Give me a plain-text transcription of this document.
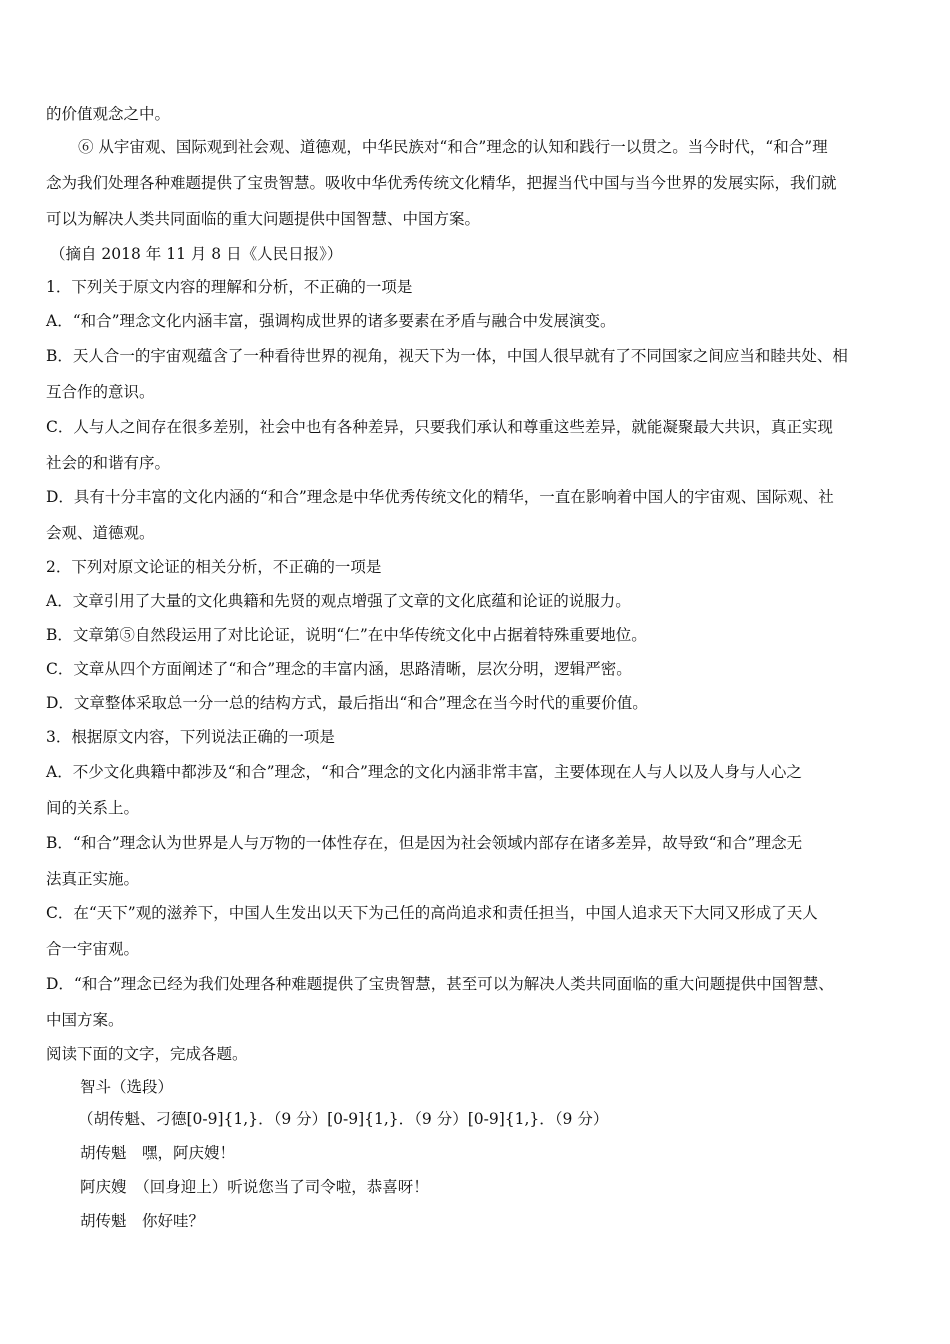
的价值观念之中。

⑥ 从宇宙观、国际观到社会观、道德观，中华民族对“和合”理念的认知和践行一以贯之。当今时代，“和合”理

念为我们处理各种难题提供了宝贵智慧。吸收中华优秀传统文化精华，把握当代中国与当今世界的发展实际，我们就

可以为解决人类共同面临的重大问题提供中国智慧、中国方案。

（摘自 2018 年 11 月 8 日《人民日报》）

1．下列关于原文内容的理解和分析，不正确的一项是

A．“和合”理念文化内涵丰富，强调构成世界的诸多要素在矛盾与融合中发展演变。

B．天人合一的宇宙观蕴含了一种看待世界的视角，视天下为一体，中国人很早就有了不同国家之间应当和睦共处、相

互合作的意识。

C．人与人之间存在很多差别，社会中也有各种差异，只要我们承认和尊重这些差异，就能凝聚最大共识，真正实现

社会的和谐有序。

D．具有十分丰富的文化内涵的“和合”理念是中华优秀传统文化的精华，一直在影响着中国人的宇宙观、国际观、社

会观、道德观。

2．下列对原文论证的相关分析，不正确的一项是

A．文章引用了大量的文化典籍和先贤的观点增强了文章的文化底蕴和论证的说服力。

B．文章第⑤自然段运用了对比论证，说明“仁”在中华传统文化中占据着特殊重要地位。

C．文章从四个方面阐述了“和合”理念的丰富内涵，思路清晰，层次分明，逻辑严密。

D．文章整体采取总一分一总的结构方式，最后指出“和合”理念在当今时代的重要价值。

3．根据原文内容，下列说法正确的一项是

A．不少文化典籍中都涉及“和合”理念，“和合”理念的文化内涵非常丰富，主要体现在人与人以及人身与人心之

间的关系上。

B．“和合”理念认为世界是人与万物的一体性存在，但是因为社会领域内部存在诸多差异，故导致“和合”理念无

法真正实施。

C．在“天下”观的滋养下，中国人生发出以天下为己任的高尚追求和责任担当，中国人追求天下大同又形成了天人

合一宇宙观。

D．“和合”理念已经为我们处理各种难题提供了宝贵智慧，甚至可以为解决人类共同面临的重大问题提供中国智慧、

中国方案。

阅读下面的文字，完成各题。

智斗（选段）

（胡传魁、刁德[0-9]{1,}．（9 分）[0-9]{1,}．（9 分）[0-9]{1,}．（9 分）

胡传魁　嘿，阿庆嫂！

阿庆嫂　（回身迎上）听说您当了司令啦，恭喜呀！

胡传魁　你好哇？
